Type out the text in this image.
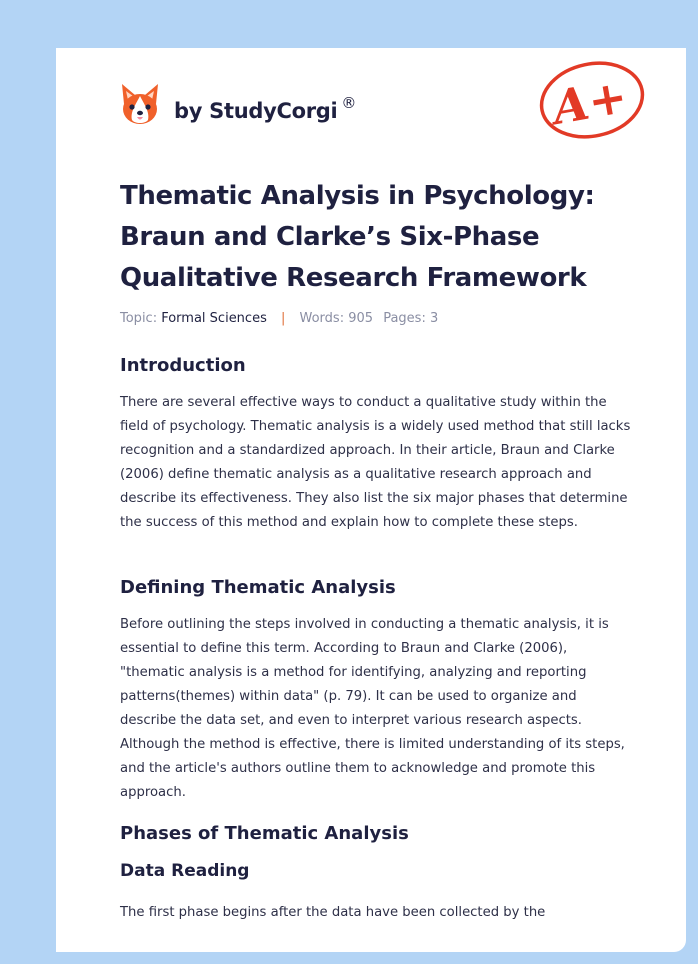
by StudyCorgi ®	A+
Thematic Analysis in Psychology: Braun and Clarke’s Six-Phase Qualitative Research Framework
Topic: Formal Sciences | Words: 905 Pages: 3
Introduction

There are several effective ways to conduct a qualitative study within the field of psychology. Thematic analysis is a widely used method that still lacks recognition and a standardized approach. In their article, Braun and Clarke (2006) define thematic analysis as a qualitative research approach and describe its effectiveness. They also list the six major phases that determine the success of this method and explain how to complete these steps.

Defining Thematic Analysis

Before outlining the steps involved in conducting a thematic analysis, it is essential to define this term. According to Braun and Clarke (2006), "thematic analysis is a method for identifying, analyzing and reporting patterns(themes) within data" (p. 79). It can be used to organize and describe the data set, and even to interpret various research aspects. Although the method is effective, there is limited understanding of its steps, and the article's authors outline them to acknowledge and promote this approach.

Phases of Thematic Analysis
Data Reading

The first phase begins after the data have been collected by the
